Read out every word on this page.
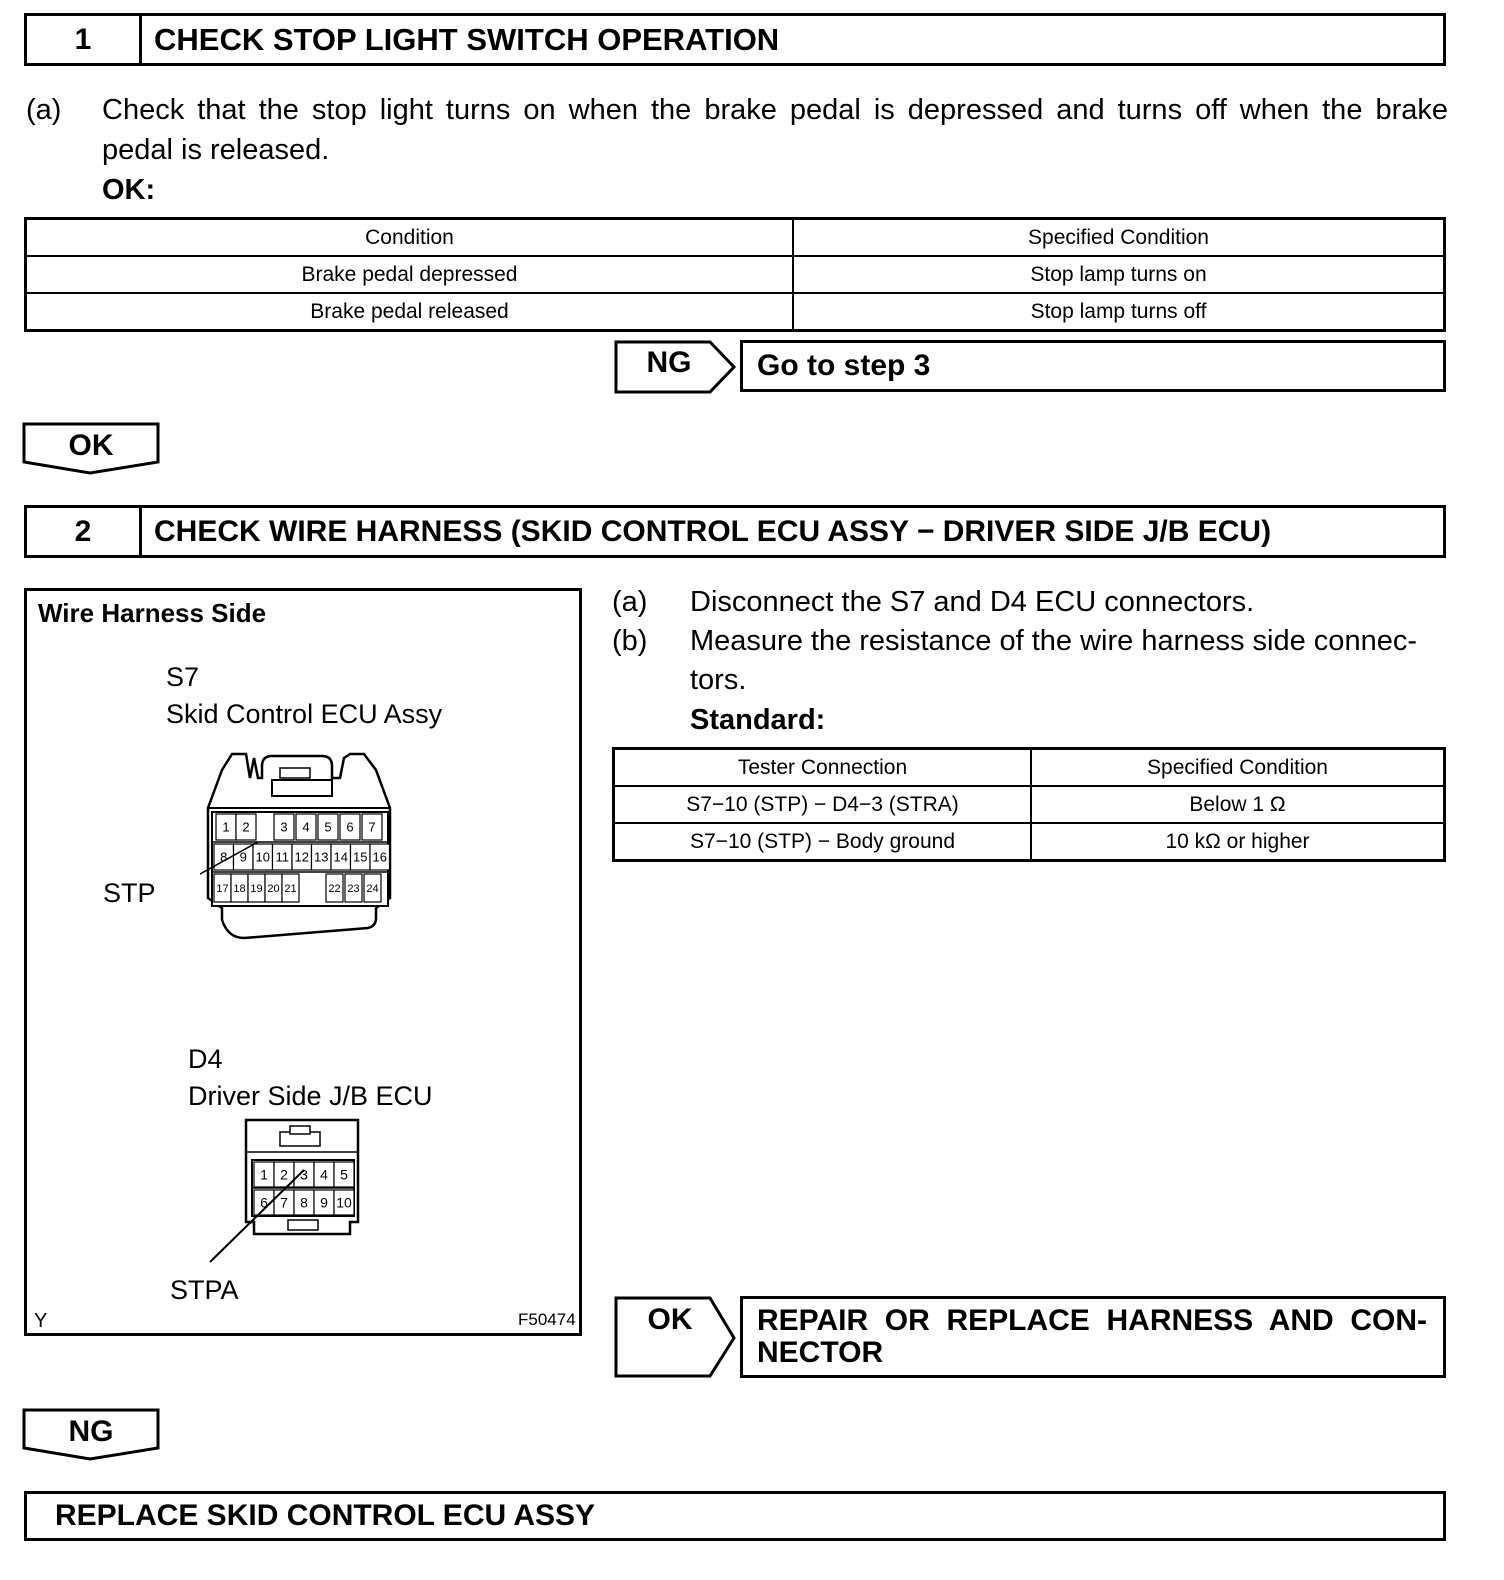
1	CHECK STOP LIGHT SWITCH OPERATION
(a) Check that the stop light turns on when the brake pedal is depressed and turns off when the brake
pedal is released.
OK:
Condition	Specified Condition
Brake pedal depressed	Stop lamp turns on
Brake pedal released	Stop lamp turns off
NG	Go to step 3
OK
2	CHECK WIRE HARNESS (SKID CONTROL ECU ASSY − DRIVER SIDE J/B ECU)
Wire Harness Side
S7
Skid Control ECU Assy
1 2 3 4 5 6 7
8 9 10 11 12 13 14 15 16
17 18 19 20 21	22 23 24
STP
D4
Driver Side J/B ECU
1 2 3 4 5
6 7 8 9 10
STPA
Y	F50474
(a) Disconnect the S7 and D4 ECU connectors.
(b) Measure the resistance of the wire harness side connec-
tors.
Standard:
Tester Connection	Specified Condition
S7−10 (STP) − D4−3 (STRA)	Below 1 Ω
S7−10 (STP) − Body ground	10 kΩ or higher
OK	REPAIR  OR  REPLACE  HARNESS  AND  CON-
NECTOR
NG
REPLACE SKID CONTROL ECU ASSY
